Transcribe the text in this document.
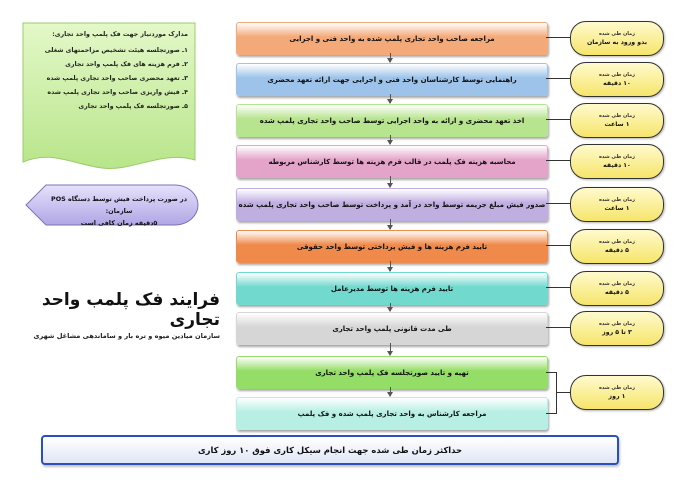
مدارک موردنیاز جهت فک پلمپ واحد تجاری:
۱ـ صورتجلسه هیئت تشخیص مزاحمتهای شغلی
۲ـ فرم هزینه های فک پلمپ واحد تجاری
۳ـ تعهد محضری صاحب واحد تجاری پلمپ شده
۴ـ فیش واریزی صاحب واحد تجاری پلمپ شده
۵ـ صورتجلسه فک پلمپ واحد تجاری
در صورت پرداخت فیش توسط دستگاه POS سازمان:
۵دقیقه زمان کافی است
فرایند فک پلمب واحد تجاری
سازمان میادین میوه و تره بار و ساماندهی مشاغل شهری
مراجعه صاحب واحد تجاری پلمپ شده به واحد فنی و اجرایی
راهنمایی توسط کارشناسان واحد فنی و اجرایی جهت ارائه تعهد محضری
اخذ تعهد محضری و ارائه به واحد اجرایی توسط صاحب واحد تجاری پلمپ شده
محاسبه هزینه فک پلمب در قالب فرم هزینه ها توسط کارشناس مربوطه
صدور فیش مبلغ جریمه توسط واحد در آمد و پرداخت توسط صاحب واحد تجاری پلمپ شده
تایید فرم هزینه ها و فیش پرداختی توسط واحد حقوقی
تایید فرم هزینه ها توسط مدیرعامل
طی مدت قانونی پلمپ واحد تجاری
تهیه و تایید صورتجلسه فک پلمپ واحد تجاری
مراجعه کارشناس به واحد تجاری پلمپ شده و فک پلمپ
زمان طی شده
بدو ورود به سازمان
زمان طی شده
۱۰ دقیقه
زمان طی شده
۱ ساعت
زمان طی شده
۱۰ دقیقه
زمان طی شده
۱ ساعت
زمان طی شده
۵ دقیقه
زمان طی شده
۵ دقیقه
زمان طی شده
۳ تا ۵ روز
زمان طی شده
۱ روز
حداکثر زمان طی شده جهت انجام سیکل کاری فوق ۱۰ روز کاری
